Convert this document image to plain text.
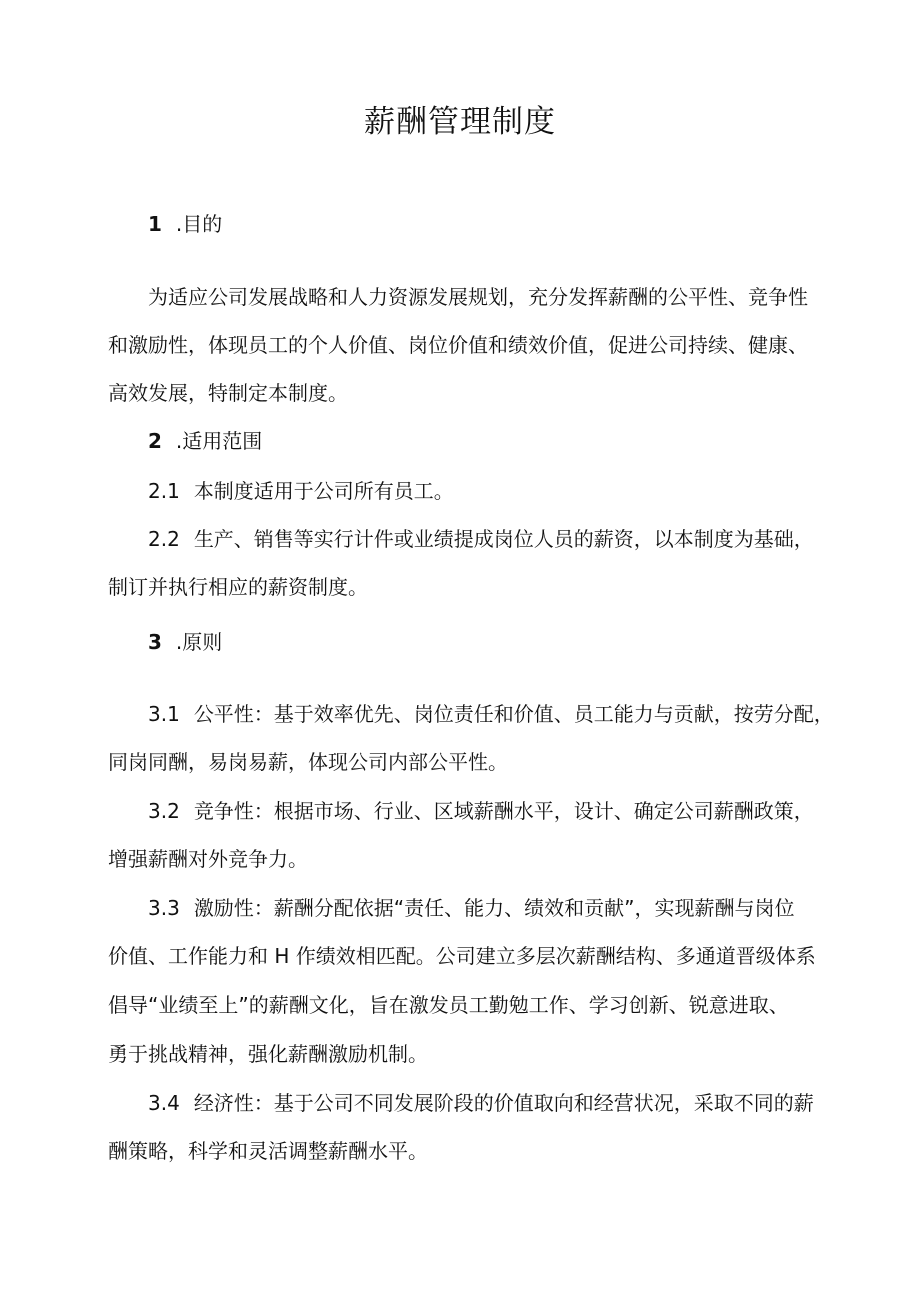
薪酬管理制度
1 .目的
为适应公司发展战略和人力资源发展规划，充分发挥薪酬的公平性、竞争性
和激励性，体现员工的个人价值、岗位价值和绩效价值，促进公司持续、健康、
高效发展，特制定本制度。
2 .适用范围
2.1 本制度适用于公司所有员工。
2.2 生产、销售等实行计件或业绩提成岗位人员的薪资，以本制度为基础，
制订并执行相应的薪资制度。
3 .原则
3.1 公平性：基于效率优先、岗位责任和价值、员工能力与贡献，按劳分配，
同岗同酬，易岗易薪，体现公司内部公平性。
3.2 竞争性：根据市场、行业、区域薪酬水平，设计、确定公司薪酬政策，
增强薪酬对外竞争力。
3.3 激励性：薪酬分配依据“责任、能力、绩效和贡献”，实现薪酬与岗位
价值、工作能力和 H 作绩效相匹配。公司建立多层次薪酬结构、多通道晋级体系
倡导“业绩至上”的薪酬文化，旨在激发员工勤勉工作、学习创新、锐意进取、
勇于挑战精神，强化薪酬激励机制。
3.4 经济性：基于公司不同发展阶段的价值取向和经营状况，采取不同的薪
酬策略，科学和灵活调整薪酬水平。
